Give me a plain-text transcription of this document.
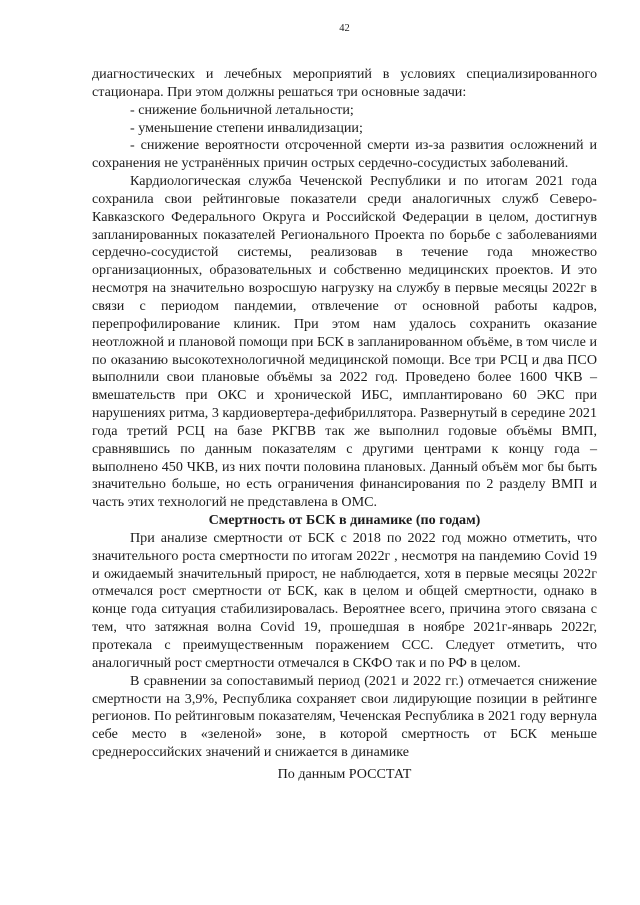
42

диагностических и лечебных мероприятий в условиях специализированного стационара. При этом должны решаться три основные задачи:

- снижение больничной летальности;

- уменьшение степени инвалидизации;

- снижение вероятности отсроченной смерти из-за развития осложнений и сохранения не устранённых причин острых сердечно-сосудистых заболеваний.

Кардиологическая служба Чеченской Республики и по итогам 2021 года сохранила свои рейтинговые показатели среди аналогичных служб Северо-Кавказского Федерального Округа и Российской Федерации в целом, достигнув запланированных показателей Регионального Проекта по борьбе с заболеваниями сердечно-сосудистой системы, реализовав в течение года множество организационных, образовательных и собственно медицинских проектов. И это несмотря на значительно возросшую нагрузку на службу в первые месяцы 2022г в связи с периодом пандемии, отвлечение от основной работы кадров, перепрофилирование клиник. При этом нам удалось сохранить оказание неотложной и плановой помощи при БСК в запланированном объёме, в том числе и по оказанию высокотехнологичной медицинской помощи. Все три РСЦ и два ПСО выполнили свои плановые объёмы за 2022 год. Проведено более 1600 ЧКВ –вмешательств при ОКС и хронической ИБС, имплантировано 60 ЭКС при нарушениях ритма, 3 кардиовертера-дефибриллятора. Развернутый в середине 2021 года третий РСЦ на базе РКГВВ так же выполнил годовые объёмы ВМП, сравнявшись по данным показателям с другими центрами к концу года – выполнено 450 ЧКВ, из них почти половина плановых. Данный объём мог бы быть значительно больше, но есть ограничения финансирования по 2 разделу ВМП и часть этих технологий не представлена в ОМС.

Смертность от БСК в динамике (по годам)

При анализе смертности от БСК с 2018 по 2022 год можно отметить, что значительного роста смертности по итогам 2022г , несмотря на пандемию Covid 19 и ожидаемый значительный прирост, не наблюдается, хотя в первые месяцы 2022г отмечался рост смертности от БСК, как в целом и общей смертности, однако в конце года ситуация стабилизировалась. Вероятнее всего, причина этого связана с тем, что затяжная волна Covid 19, прошедшая в ноябре 2021г-январь 2022г, протекала с преимущественным поражением ССС. Следует отметить, что аналогичный рост смертности отмечался в СКФО так и по РФ в целом.

В сравнении за сопоставимый период (2021 и 2022 гг.) отмечается снижение смертности на 3,9%, Республика сохраняет свои лидирующие позиции в рейтинге регионов. По рейтинговым показателям, Чеченская Республика в 2021 году вернула себе место в «зеленой» зоне, в которой смертность от БСК меньше среднероссийских значений и снижается в динамике

По данным РОССТАТ
